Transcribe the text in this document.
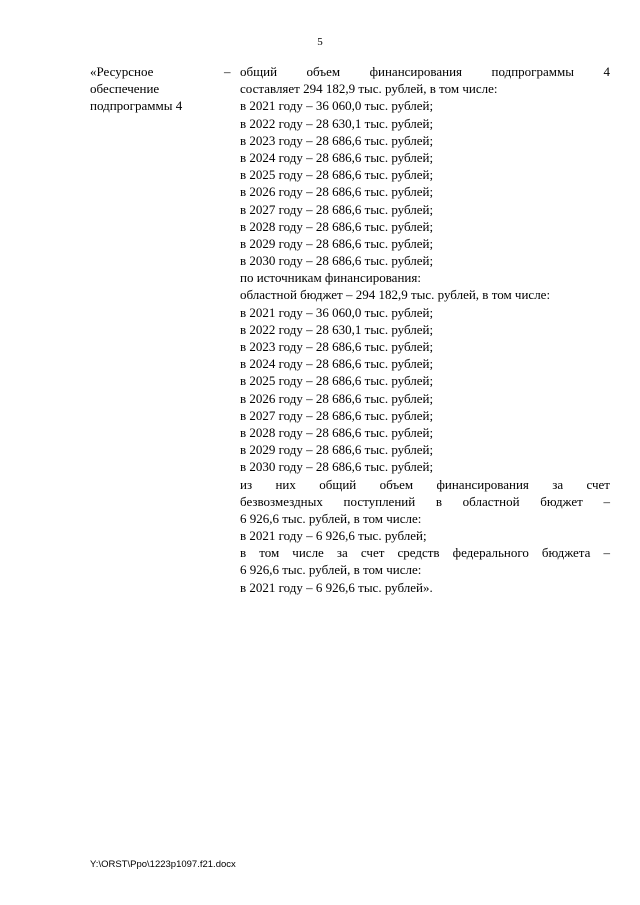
5
«Ресурсное
обеспечение
подпрограммы 4
– общий объем финансирования подпрограммы 4
составляет 294 182,9 тыс. рублей, в том числе:
в 2021 году – 36 060,0 тыс. рублей;
в 2022 году – 28 630,1 тыс. рублей;
в 2023 году – 28 686,6 тыс. рублей;
в 2024 году – 28 686,6 тыс. рублей;
в 2025 году – 28 686,6 тыс. рублей;
в 2026 году – 28 686,6 тыс. рублей;
в 2027 году – 28 686,6 тыс. рублей;
в 2028 году – 28 686,6 тыс. рублей;
в 2029 году – 28 686,6 тыс. рублей;
в 2030 году – 28 686,6 тыс. рублей;
по источникам финансирования:
областной бюджет – 294 182,9 тыс. рублей, в том числе:
в 2021 году – 36 060,0 тыс. рублей;
в 2022 году – 28 630,1 тыс. рублей;
в 2023 году – 28 686,6 тыс. рублей;
в 2024 году – 28 686,6 тыс. рублей;
в 2025 году – 28 686,6 тыс. рублей;
в 2026 году – 28 686,6 тыс. рублей;
в 2027 году – 28 686,6 тыс. рублей;
в 2028 году – 28 686,6 тыс. рублей;
в 2029 году – 28 686,6 тыс. рублей;
в 2030 году – 28 686,6 тыс. рублей;
из них общий объем финансирования за счет
безвозмездных поступлений в областной бюджет –
6 926,6 тыс. рублей, в том числе:
в 2021 году – 6 926,6 тыс. рублей;
в том числе за счет средств федерального бюджета –
6 926,6 тыс. рублей, в том числе:
в 2021 году – 6 926,6 тыс. рублей».
Y:\ORST\Ppo\1223p1097.f21.docx
